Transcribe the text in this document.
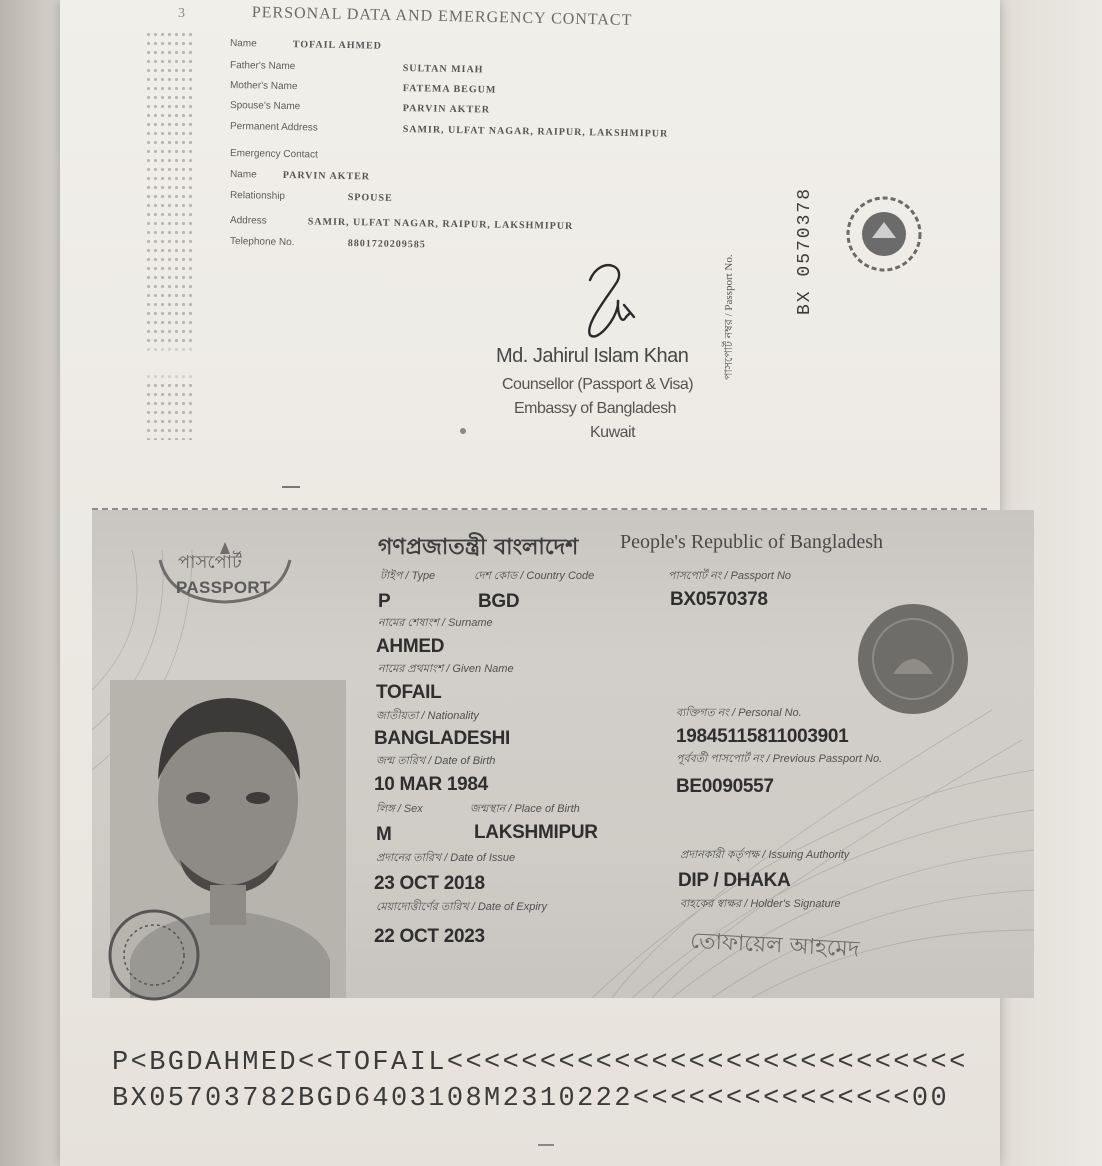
3	PERSONAL DATA AND EMERGENCY CONTACT
Name	TOFAIL AHMED
Father's Name	SULTAN MIAH
Mother's Name	FATEMA BEGUM
Spouse's Name	PARVIN AKTER
Permanent Address	SAMIR, ULFAT NAGAR, RAIPUR, LAKSHMIPUR
Emergency Contact
Name	PARVIN AKTER
Relationship	SPOUSE
Address	SAMIR, ULFAT NAGAR, RAIPUR, LAKSHMIPUR
Telephone No.	8801720209585
Md. Jahirul Islam Khan
Counsellor (Passport & Visa)
Embassy of Bangladesh
Kuwait
পাসপোর্ট নম্বর / Passport No.
BX 0570378
পাসপোর্ট
PASSPORT
গণপ্রজাতন্ত্রী বাংলাদেশ People's Republic of Bangladesh
টাইপ / Type	দেশ কোড / Country Code	পাসপোর্ট নং / Passport No
P	BGD	BX0570378
নামের শেষাংশ / Surname
AHMED
নামের প্রথমাংশ / Given Name
TOFAIL
জাতীয়তা / Nationality	ব্যক্তিগত নং / Personal No.
BANGLADESHI	19845115811003901
জন্ম তারিখ / Date of Birth	পূর্ববর্তী পাসপোর্ট নং / Previous Passport No.
10 MAR 1984	BE0090557
লিঙ্গ / Sex	জন্মস্থান / Place of Birth
M	LAKSHMIPUR
প্রদানের তারিখ / Date of Issue	প্রদানকারী কর্তৃপক্ষ / Issuing Authority
23 OCT 2018	DIP / DHAKA
মেয়াদোত্তীর্ণের তারিখ / Date of Expiry	বাহকের স্বাক্ষর / Holder's Signature
22 OCT 2023	তোফায়েল আহমেদ
P<BGDAHMED<<TOFAIL<<<<<<<<<<<<<<<<<<<<<<<<<<<<
BX05703782BGD6403108M2310222<<<<<<<<<<<<<<<00
